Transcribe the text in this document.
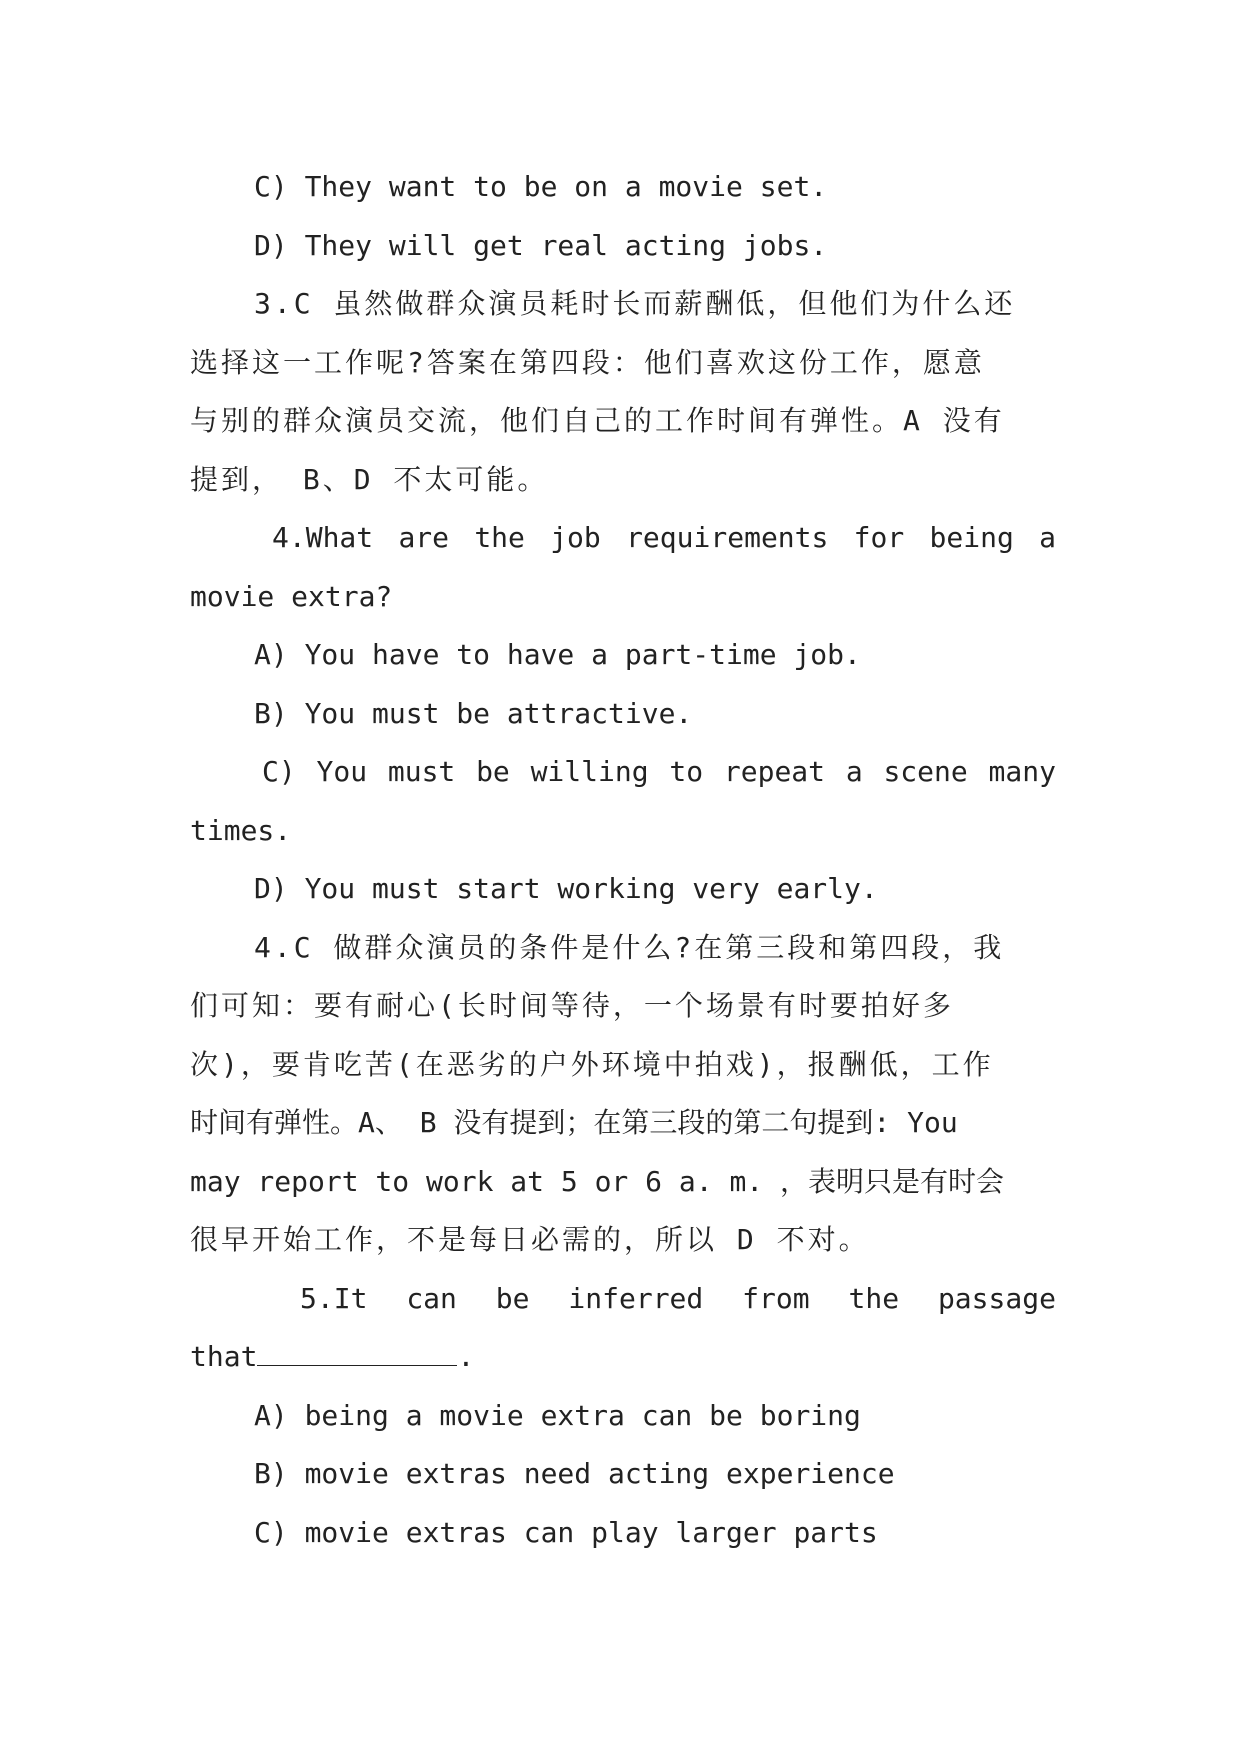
C) They want to be on a movie set.
D) They will get real acting jobs.
3.C 虽然做群众演员耗时长而薪酬低，但他们为什么还
选择这一工作呢?答案在第四段：他们喜欢这份工作，愿意
与别的群众演员交流，他们自己的工作时间有弹性。A 没有
提到， B、D 不太可能。
4.What are the job requirements for being a
movie extra?
A) You have to have a part-time job.
B) You must be attractive.
C) You must be willing to repeat a scene many
times.
D) You must start working very early.
4.C 做群众演员的条件是什么?在第三段和第四段，我
们可知：要有耐心(长时间等待，一个场景有时要拍好多
次)，要肯吃苦(在恶劣的户外环境中拍戏)，报酬低，工作
时间有弹性。A、 B 没有提到；在第三段的第二句提到: You
may report to work at 5 or 6 a. m. ，表明只是有时会
很早开始工作，不是每日必需的，所以 D 不对。
5.It can be inferred from the passage
that	.
A) being a movie extra can be boring
B) movie extras need acting experience
C) movie extras can play larger parts
